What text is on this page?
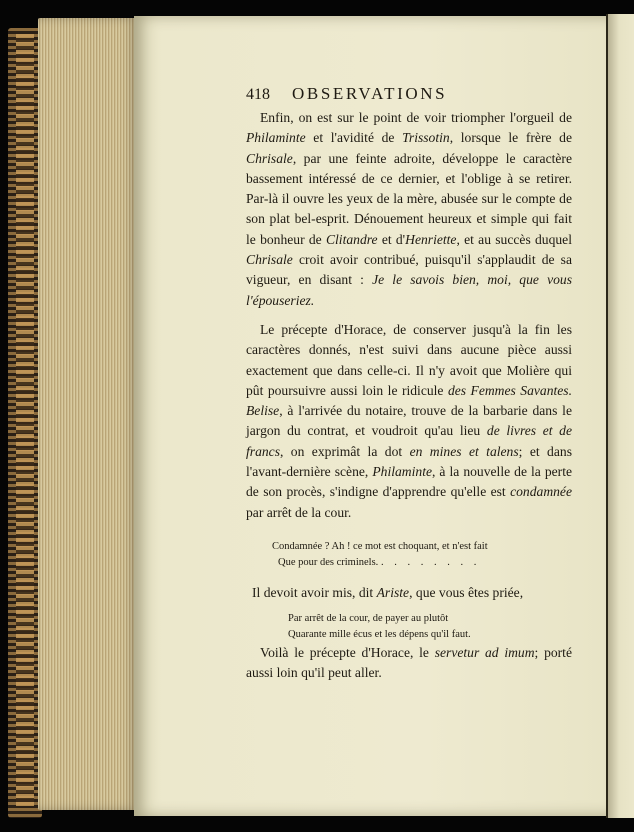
418	OBSERVATIONS

Enfin, on est sur le point de voir triompher l'orgueil de Philaminte et l'avidité de Trissotin, lorsque le frère de Chrisale, par une feinte adroite, développe le caractère bassement intéressé de ce dernier, et l'oblige à se retirer. Par-là il ouvre les yeux de la mère, abusée sur le compte de son plat bel-esprit. Dénouement heureux et simple qui fait le bonheur de Clitandre et d'Henriette, et au succès duquel Chrisale croit avoir contribué, puisqu'il s'applaudit de sa vigueur, en disant : Je le savois bien, moi, que vous l'épouseriez.

Le précepte d'Horace, de conserver jusqu'à la fin les caractères donnés, n'est suivi dans aucune pièce aussi exactement que dans celle-ci. Il n'y avoit que Molière qui pût poursuivre aussi loin le ridicule des Femmes Savantes. Belise, à l'arrivée du notaire, trouve de la barbarie dans le jargon du contrat, et voudroit qu'au lieu de livres et de francs, on exprimât la dot en mines et talens; et dans l'avant-dernière scène, Philaminte, à la nouvelle de la perte de son procès, s'indigne d'apprendre qu'elle est condamnée par arrêt de la cour.

Condamnée ? Ah ! ce mot est choquant, et n'est fait

Que pour des criminels. . . . . . . . .

Il devoit avoir mis, dit Ariste, que vous êtes priée,

Par arrêt de la cour, de payer au plutôt

Quarante mille écus et les dépens qu'il faut.

Voilà le précepte d'Horace, le servetur ad imum; porté aussi loin qu'il peut aller.
